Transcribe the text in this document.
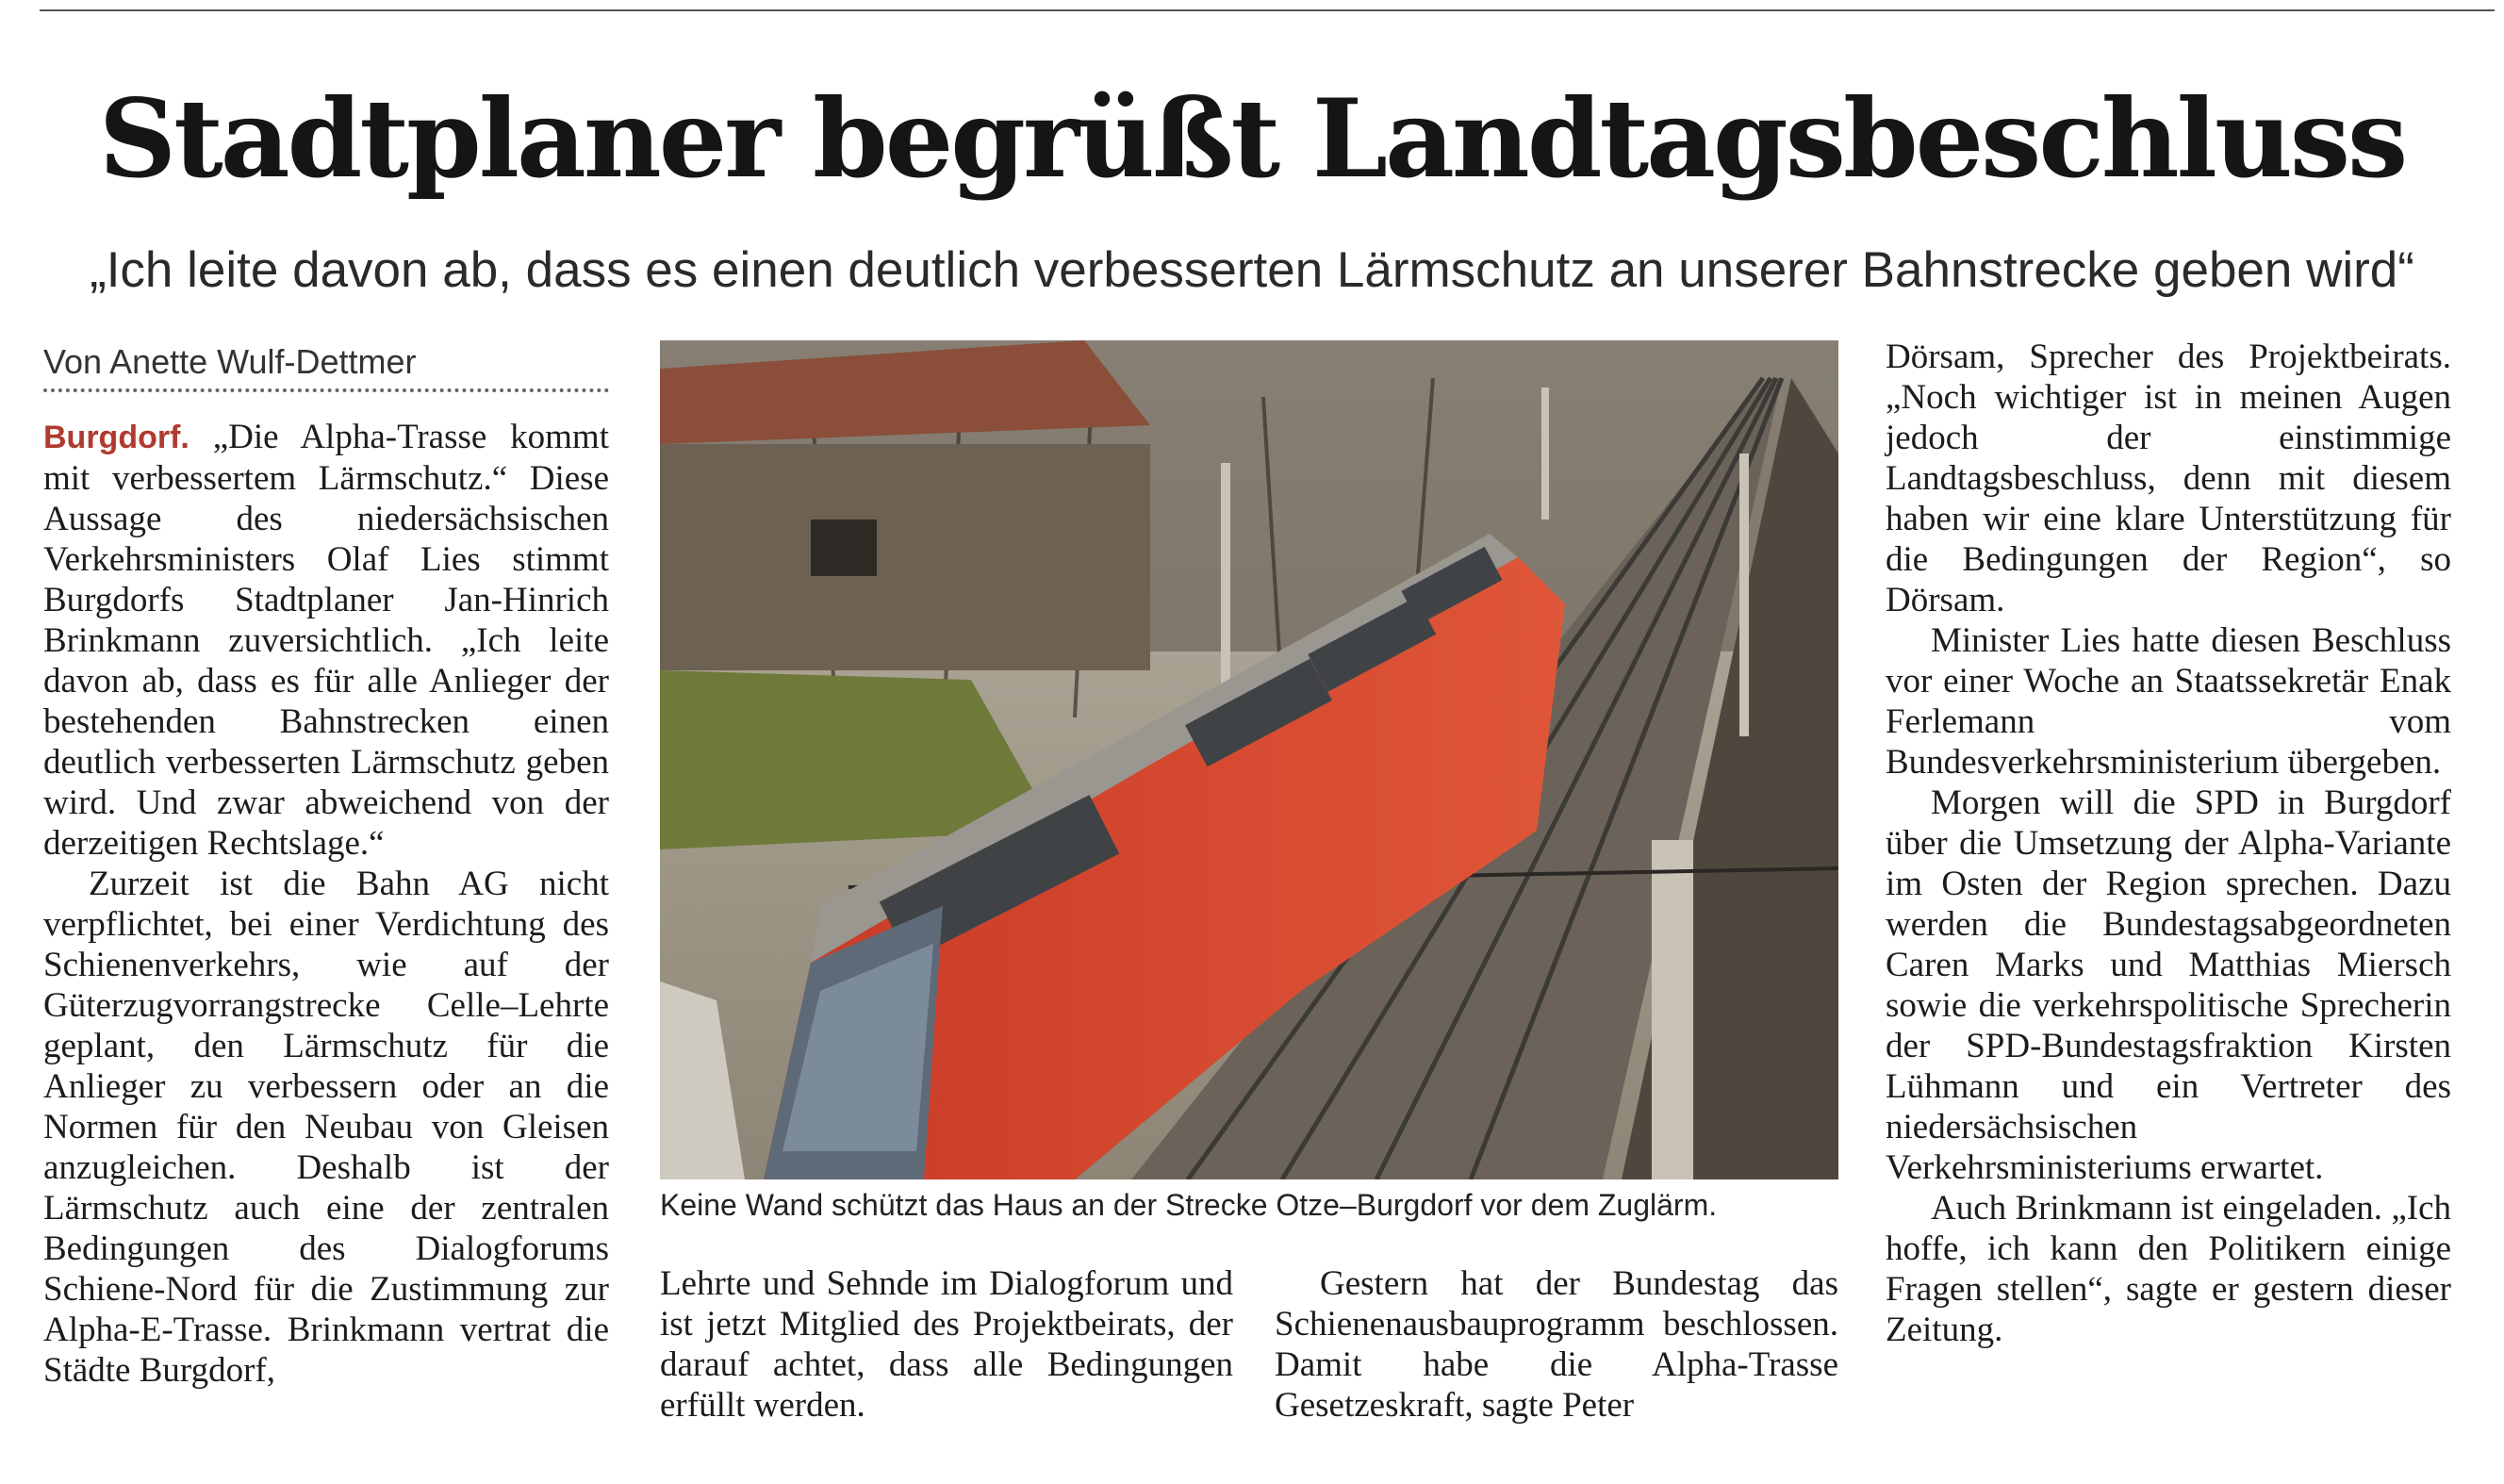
Stadtplaner begrüßt Landtagsbeschluss
„Ich leite davon ab, dass es einen deutlich verbesserten Lärmschutz an unserer Bahnstrecke geben wird“
Von Anette Wulf-Dettmer

Burgdorf. „Die Alpha-Trasse kommt mit verbessertem Lärmschutz.“ Diese Aussage des niedersächsischen Verkehrsministers Olaf Lies stimmt Burgdorfs Stadtplaner Jan-Hinrich Brinkmann zuversichtlich. „Ich leite davon ab, dass es für alle Anlieger der bestehenden Bahnstrecken einen deutlich verbesserten Lärmschutz geben wird. Und zwar abweichend von der derzeitigen Rechtslage.“

Zurzeit ist die Bahn AG nicht verpflichtet, bei einer Verdichtung des Schienenverkehrs, wie auf der Güterzugvorrangstrecke Celle–Lehrte geplant, den Lärmschutz für die Anlieger zu verbessern oder an die Normen für den Neubau von Gleisen anzugleichen. Deshalb ist der Lärmschutz auch eine der zentralen Bedingungen des Dialogforums Schiene-Nord für die Zustimmung zur Alpha-E-Trasse. Brinkmann vertrat die Städte Burgdorf,

Keine Wand schützt das Haus an der Strecke Otze–Burgdorf vor dem Zuglärm.

Lehrte und Sehnde im Dialogforum und ist jetzt Mitglied des Projektbeirats, der darauf achtet, dass alle Bedingungen erfüllt werden.

Gestern hat der Bundestag das Schienenausbauprogramm beschlossen. Damit habe die Alpha-Trasse Gesetzeskraft, sagte Peter

Dörsam, Sprecher des Projektbeirats. „Noch wichtiger ist in meinen Augen jedoch der einstimmige Landtagsbeschluss, denn mit diesem haben wir eine klare Unterstützung für die Bedingungen der Region“, so Dörsam.

Minister Lies hatte diesen Beschluss vor einer Woche an Staatssekretär Enak Ferlemann vom Bundesverkehrsministerium übergeben.

Morgen will die SPD in Burgdorf über die Umsetzung der Alpha-Variante im Osten der Region sprechen. Dazu werden die Bundestagsabgeordneten Caren Marks und Matthias Miersch sowie die verkehrspolitische Sprecherin der SPD-Bundestagsfraktion Kirsten Lühmann und ein Vertreter des niedersächsischen Verkehrsministeriums erwartet.

Auch Brinkmann ist eingeladen. „Ich hoffe, ich kann den Politikern einige Fragen stellen“, sagte er gestern dieser Zeitung.
